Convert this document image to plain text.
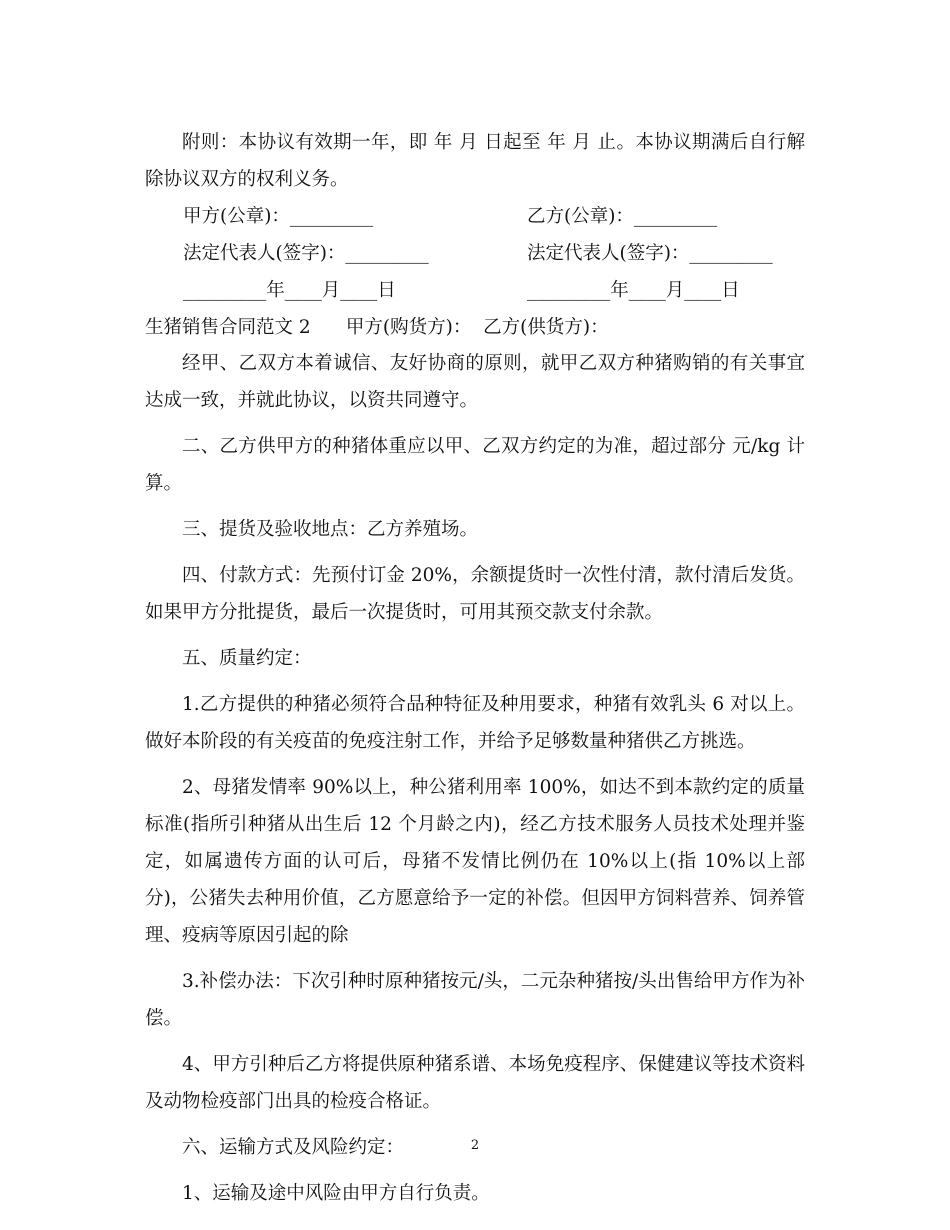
附则：本协议有效期一年，即 年 月 日起至 年 月 止。本协议期满后自行解除协议双方的权利义务。

甲方(公章)：_________	乙方(公章)：_________
法定代表人(签字)：_________	法定代表人(签字)：_________
_________年____月____日	_________年____月____日
生猪销售合同范文 2      甲方(购货方)：  乙方(供货方)：

经甲、乙双方本着诚信、友好协商的原则，就甲乙双方种猪购销的有关事宜达成一致，并就此协议，以资共同遵守。

二、乙方供甲方的种猪体重应以甲、乙双方约定的为准，超过部分 元/kg 计算。

三、提货及验收地点：乙方养殖场。

四、付款方式：先预付订金 20%，余额提货时一次性付清，款付清后发货。如果甲方分批提货，最后一次提货时，可用其预交款支付余款。

五、质量约定：

1.乙方提供的种猪必须符合品种特征及种用要求，种猪有效乳头 6 对以上。做好本阶段的有关疫苗的免疫注射工作，并给予足够数量种猪供乙方挑选。

2、母猪发情率 90%以上，种公猪利用率 100%，如达不到本款约定的质量标准(指所引种猪从出生后 12 个月龄之内)，经乙方技术服务人员技术处理并鉴定，如属遗传方面的认可后，母猪不发情比例仍在 10%以上(指 10%以上部分)，公猪失去种用价值，乙方愿意给予一定的补偿。但因甲方饲料营养、饲养管理、疫病等原因引起的除

3.补偿办法：下次引种时原种猪按元/头，二元杂种猪按/头出售给甲方作为补偿。

4、甲方引种后乙方将提供原种猪系谱、本场免疫程序、保健建议等技术资料及动物检疫部门出具的检疫合格证。

六、运输方式及风险约定：

1、运输及途中风险由甲方自行负责。

2
